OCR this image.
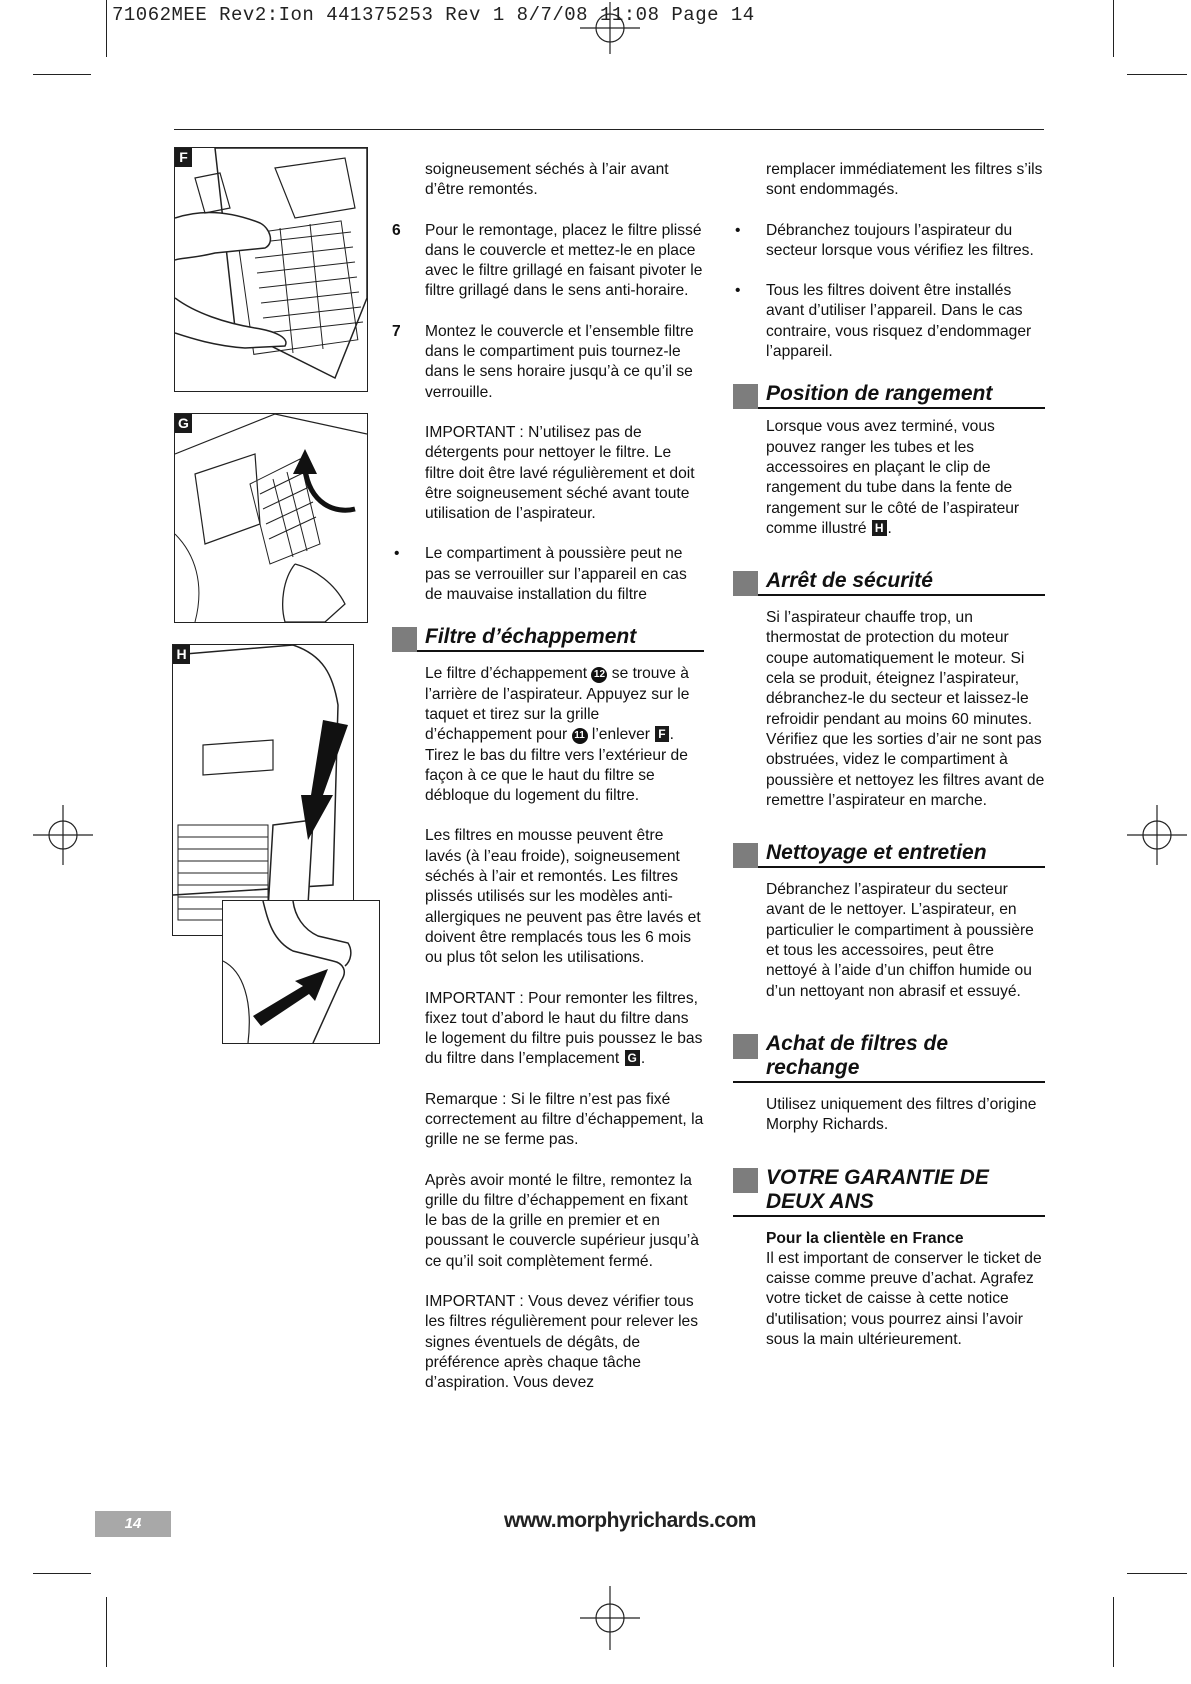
71062MEE Rev2:Ion 441375253 Rev 1 8/7/08 11:08 Page 14
F
G
H

soigneusement séchés à l’air avant d’être remontés.

6 Pour le remontage, placez le filtre plissé dans le couvercle et mettez-le en place avec le filtre grillagé en faisant pivoter le filtre grillagé dans le sens anti-horaire.

7 Montez le couvercle et l’ensemble filtre dans le compartiment puis tournez-le dans le sens horaire jusqu’à ce qu’il se verrouille.

IMPORTANT : N’utilisez pas de détergents pour nettoyer le filtre. Le filtre doit être lavé régulièrement et doit être soigneusement séché avant toute utilisation de l’aspirateur.

• Le compartiment à poussière peut ne pas se verrouiller sur l’appareil en cas de mauvaise installation du filtre

Filtre d’échappement

Le filtre d’échappement 12 se trouve à l’arrière de l’aspirateur. Appuyez sur le taquet et tirez sur la grille d’échappement pour 11 l’enlever F . Tirez le bas du filtre vers l’extérieur de façon à ce que le haut du filtre se débloque du logement du filtre.

Les filtres en mousse peuvent être lavés (à l’eau froide), soigneusement séchés à l’air et remontés. Les filtres plissés utilisés sur les modèles anti-allergiques ne peuvent pas être lavés et doivent être remplacés tous les 6 mois ou plus tôt selon les utilisations.

IMPORTANT : Pour remonter les filtres, fixez tout d’abord le haut du filtre dans le logement du filtre puis poussez le bas du filtre dans l’emplacement G .

Remarque : Si le filtre n’est pas fixé correctement au filtre d’échappement, la grille ne se ferme pas.

Après avoir monté le filtre, remontez la grille du filtre d’échappement en fixant le bas de la grille en premier et en poussant le couvercle supérieur jusqu’à ce qu’il soit complètement fermé.

IMPORTANT : Vous devez vérifier tous les filtres régulièrement pour relever les signes éventuels de dégâts, de préférence après chaque tâche d’aspiration. Vous devez

remplacer immédiatement les filtres s’ils sont endommagés.

• Débranchez toujours l’aspirateur du secteur lorsque vous vérifiez les filtres.

• Tous les filtres doivent être installés avant d’utiliser l’appareil. Dans le cas contraire, vous risquez d’endommager l’appareil.

Position de rangement

Lorsque vous avez terminé, vous pouvez ranger les tubes et les accessoires en plaçant le clip de rangement du tube dans la fente de rangement sur le côté de l’aspirateur comme illustré H .

Arrêt de sécurité

Si l’aspirateur chauffe trop, un thermostat de protection du moteur coupe automatiquement le moteur. Si cela se produit, éteignez l’aspirateur, débranchez-le du secteur et laissez-le refroidir pendant au moins 60 minutes. Vérifiez que les sorties d’air ne sont pas obstruées, videz le compartiment à poussière et nettoyez les filtres avant de remettre l’aspirateur en marche.

Nettoyage et entretien

Débranchez l’aspirateur du secteur avant de le nettoyer. L’aspirateur, en particulier le compartiment à poussière et tous les accessoires, peut être nettoyé à l’aide d’un chiffon humide ou d’un nettoyant non abrasif et essuyé.

Achat de filtres de rechange

Utilisez uniquement des filtres d’origine Morphy Richards.

VOTRE GARANTIE DE DEUX ANS
Pour la clientèle en France

Il est important de conserver le ticket de caisse comme preuve d’achat. Agrafez votre ticket de caisse à cette notice d'utilisation; vous pourrez ainsi l’avoir sous la main ultérieurement.

14	www.morphyrichards.com
